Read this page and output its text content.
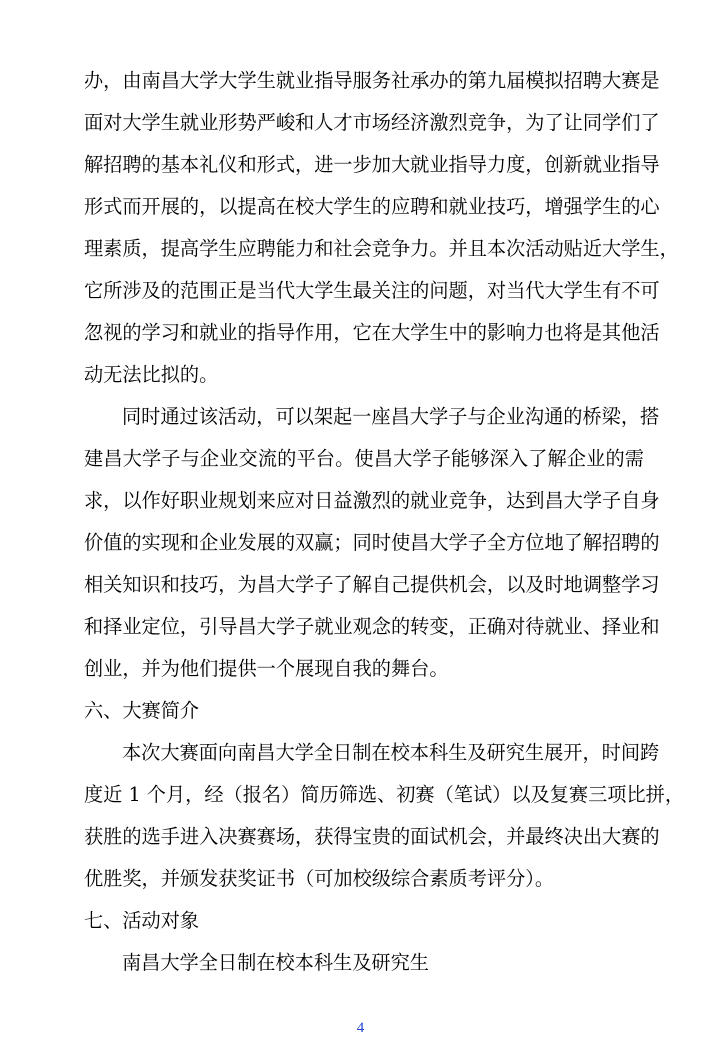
办，由南昌大学大学生就业指导服务社承办的第九届模拟招聘大赛是
面对大学生就业形势严峻和人才市场经济激烈竞争，为了让同学们了
解招聘的基本礼仪和形式，进一步加大就业指导力度，创新就业指导
形式而开展的，以提高在校大学生的应聘和就业技巧，增强学生的心
理素质，提高学生应聘能力和社会竞争力。并且本次活动贴近大学生，
它所涉及的范围正是当代大学生最关注的问题，对当代大学生有不可
忽视的学习和就业的指导作用，它在大学生中的影响力也将是其他活
动无法比拟的。
同时通过该活动，可以架起一座昌大学子与企业沟通的桥梁，搭
建昌大学子与企业交流的平台。使昌大学子能够深入了解企业的需
求，以作好职业规划来应对日益激烈的就业竞争，达到昌大学子自身
价值的实现和企业发展的双赢；同时使昌大学子全方位地了解招聘的
相关知识和技巧，为昌大学子了解自己提供机会，以及时地调整学习
和择业定位，引导昌大学子就业观念的转变，正确对待就业、择业和
创业，并为他们提供一个展现自我的舞台。
六、大赛简介
本次大赛面向南昌大学全日制在校本科生及研究生展开，时间跨
度近 1 个月，经（报名）简历筛选、初赛（笔试）以及复赛三项比拼，
获胜的选手进入决赛赛场，获得宝贵的面试机会，并最终决出大赛的
优胜奖，并颁发获奖证书（可加校级综合素质考评分）。
七、活动对象
南昌大学全日制在校本科生及研究生
4
